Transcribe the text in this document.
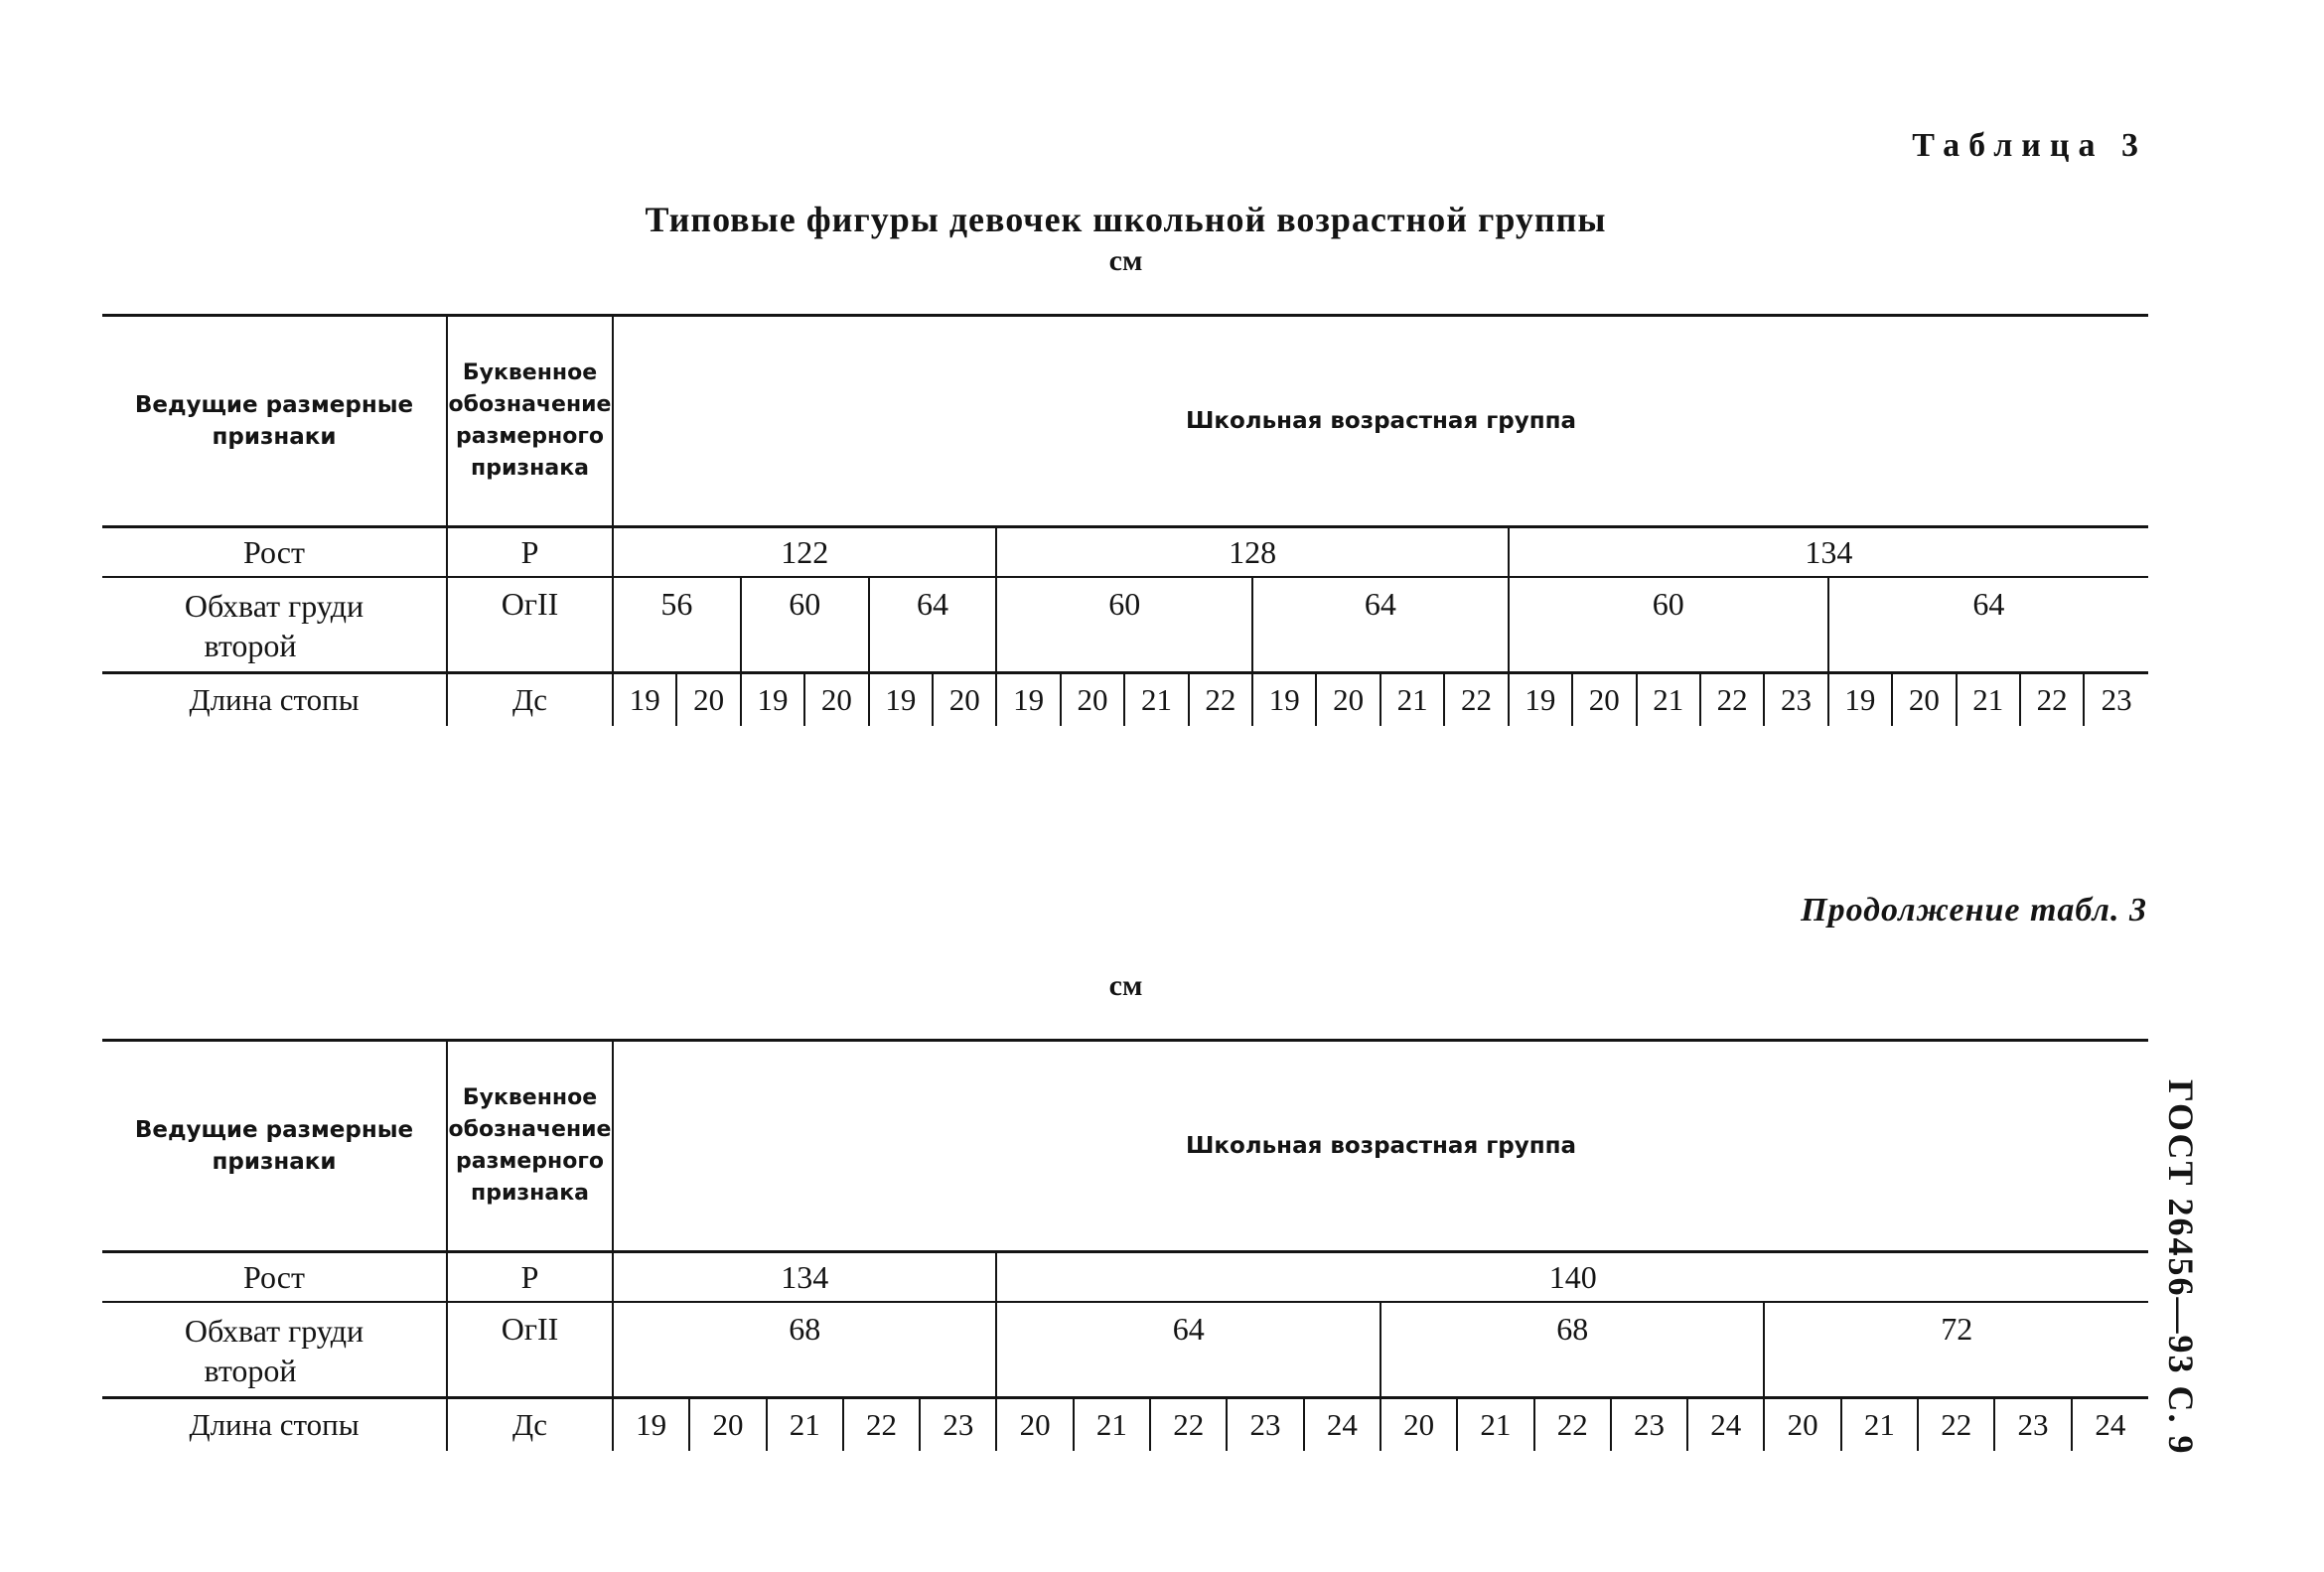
Таблица 3
Типовые фигуры девочек школьной возрастной группы
см
Ведущие размерные признаки	Буквенное обозначение размерного признака	Школьная возрастная группа																							
Рост	Р	122						128								134									
Обхват груди
второй	ОгII	56		60		64		60				64				60					64				
Длина стопы	Дс	19	20	19	20	19	20	19	20	21	22	19	20	21	22	19	20	21	22	23	19	20	21	22	23
Продолжение табл. 3
см
Ведущие размерные признаки	Буквенное обозначение размерного признака	Школьная возрастная группа																			
Рост	Р	134					140														
Обхват груди
второй	ОгII	68					64					68					72				
Длина стопы	Дс	19	20	21	22	23	20	21	22	23	24	20	21	22	23	24	20	21	22	23	24 ГОСТ 26456—93 С. 9
